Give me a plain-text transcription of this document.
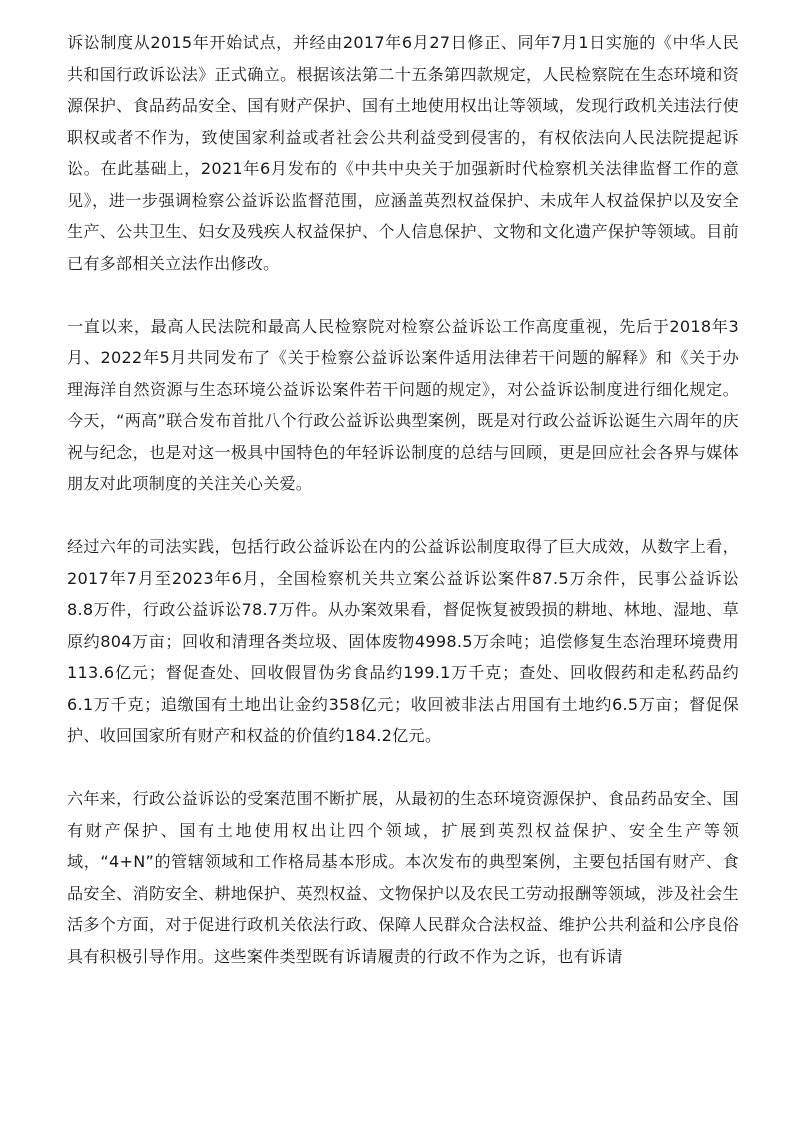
诉讼制度从2015年开始试点，并经由2017年6月27日修正、同年7月1日实施的《中华人民共和国行政诉讼法》正式确立。根据该法第二十五条第四款规定，人民检察院在生态环境和资源保护、食品药品安全、国有财产保护、国有土地使用权出让等领域，发现行政机关违法行使职权或者不作为，致使国家利益或者社会公共利益受到侵害的，有权依法向人民法院提起诉讼。在此基础上，2021年6月发布的《中共中央关于加强新时代检察机关法律监督工作的意见》，进一步强调检察公益诉讼监督范围，应涵盖英烈权益保护、未成年人权益保护以及安全生产、公共卫生、妇女及残疾人权益保护、个人信息保护、文物和文化遗产保护等领域。目前已有多部相关立法作出修改。

一直以来，最高人民法院和最高人民检察院对检察公益诉讼工作高度重视，先后于2018年3月、2022年5月共同发布了《关于检察公益诉讼案件适用法律若干问题的解释》和《关于办理海洋自然资源与生态环境公益诉讼案件若干问题的规定》，对公益诉讼制度进行细化规定。今天，“两高”联合发布首批八个行政公益诉讼典型案例，既是对行政公益诉讼诞生六周年的庆祝与纪念，也是对这一极具中国特色的年轻诉讼制度的总结与回顾，更是回应社会各界与媒体朋友对此项制度的关注关心关爱。

经过六年的司法实践，包括行政公益诉讼在内的公益诉讼制度取得了巨大成效，从数字上看，2017年7月至2023年6月，全国检察机关共立案公益诉讼案件87.5万余件，民事公益诉讼8.8万件，行政公益诉讼78.7万件。从办案效果看，督促恢复被毁损的耕地、林地、湿地、草原约804万亩；回收和清理各类垃圾、固体废物4998.5万余吨；追偿修复生态治理环境费用113.6亿元；督促查处、回收假冒伪劣食品约199.1万千克；查处、回收假药和走私药品约6.1万千克；追缴国有土地出让金约358亿元；收回被非法占用国有土地约6.5万亩；督促保护、收回国家所有财产和权益的价值约184.2亿元。

六年来，行政公益诉讼的受案范围不断扩展，从最初的生态环境资源保护、食品药品安全、国有财产保护、国有土地使用权出让四个领域，扩展到英烈权益保护、安全生产等领域，“4+N”的管辖领域和工作格局基本形成。本次发布的典型案例，主要包括国有财产、食品安全、消防安全、耕地保护、英烈权益、文物保护以及农民工劳动报酬等领域，涉及社会生活多个方面，对于促进行政机关依法行政、保障人民群众合法权益、维护公共利益和公序良俗具有积极引导作用。这些案件类型既有诉请履责的行政不作为之诉，也有诉请
